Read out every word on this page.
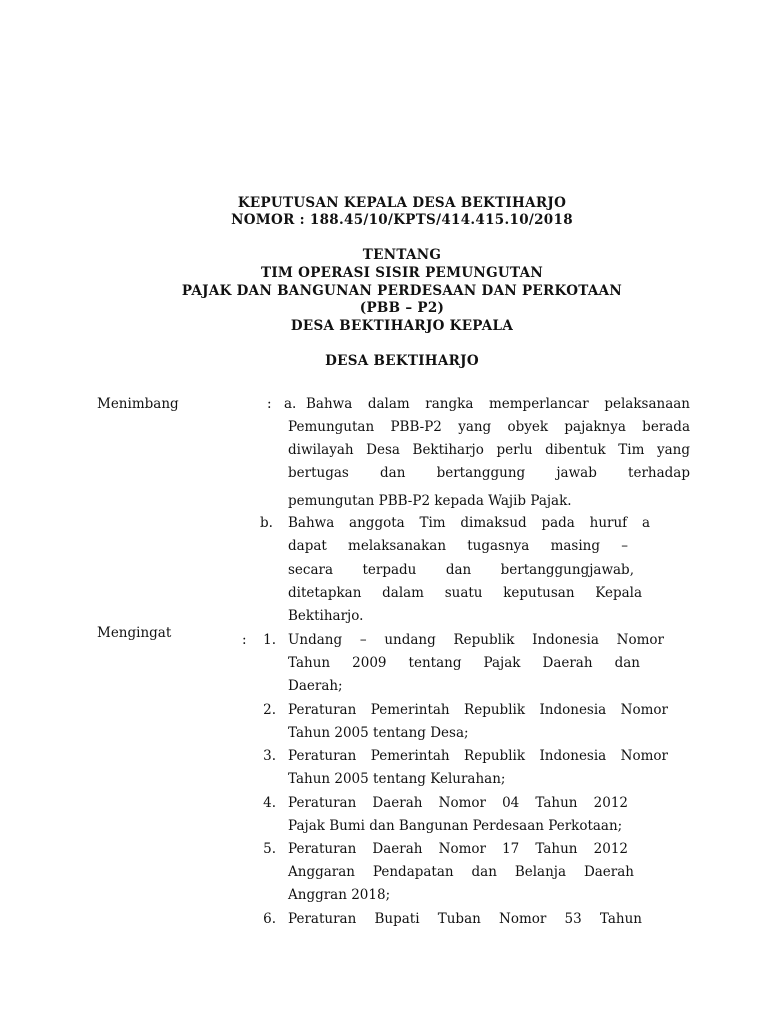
KEPUTUSAN KEPALA DESA BEKTIHARJO
NOMOR : 188.45/10/KPTS/414.415.10/2018
TENTANG
TIM OPERASI SISIR PEMUNGUTAN
PAJAK DAN BANGUNAN PERDESAAN DAN PERKOTAAN
(PBB – P2)
DESA BEKTIHARJO KEPALA
DESA BEKTIHARJO
Menimbang	: a. Bahwa dalam rangka memperlancar pelaksanaan
Pemungutan PBB-P2 yang obyek pajaknya berada
diwilayah Desa Bektiharjo perlu dibentuk Tim yang
bertugas dan bertanggung jawab terhadap
pemungutan PBB-P2 kepada Wajib Pajak.
b. Bahwa anggota Tim dimaksud pada huruf a
dapat melaksanakan tugasnya masing –
secara terpadu dan bertanggungjawab,
ditetapkan dalam suatu keputusan Kepala
Bektiharjo.
Mengingat	:	1. Undang – undang Republik Indonesia Nomor
Tahun 2009 tentang Pajak Daerah dan
Daerah;
2. Peraturan Pemerintah Republik Indonesia Nomor
Tahun 2005 tentang Desa;
3. Peraturan Pemerintah Republik Indonesia Nomor
Tahun 2005 tentang Kelurahan;
4. Peraturan Daerah Nomor 04 Tahun 2012
Pajak Bumi dan Bangunan Perdesaan Perkotaan;
5. Peraturan Daerah Nomor 17 Tahun 2012
Anggaran Pendapatan dan Belanja Daerah
Anggran 2018;
6. Peraturan Bupati Tuban Nomor 53 Tahun
